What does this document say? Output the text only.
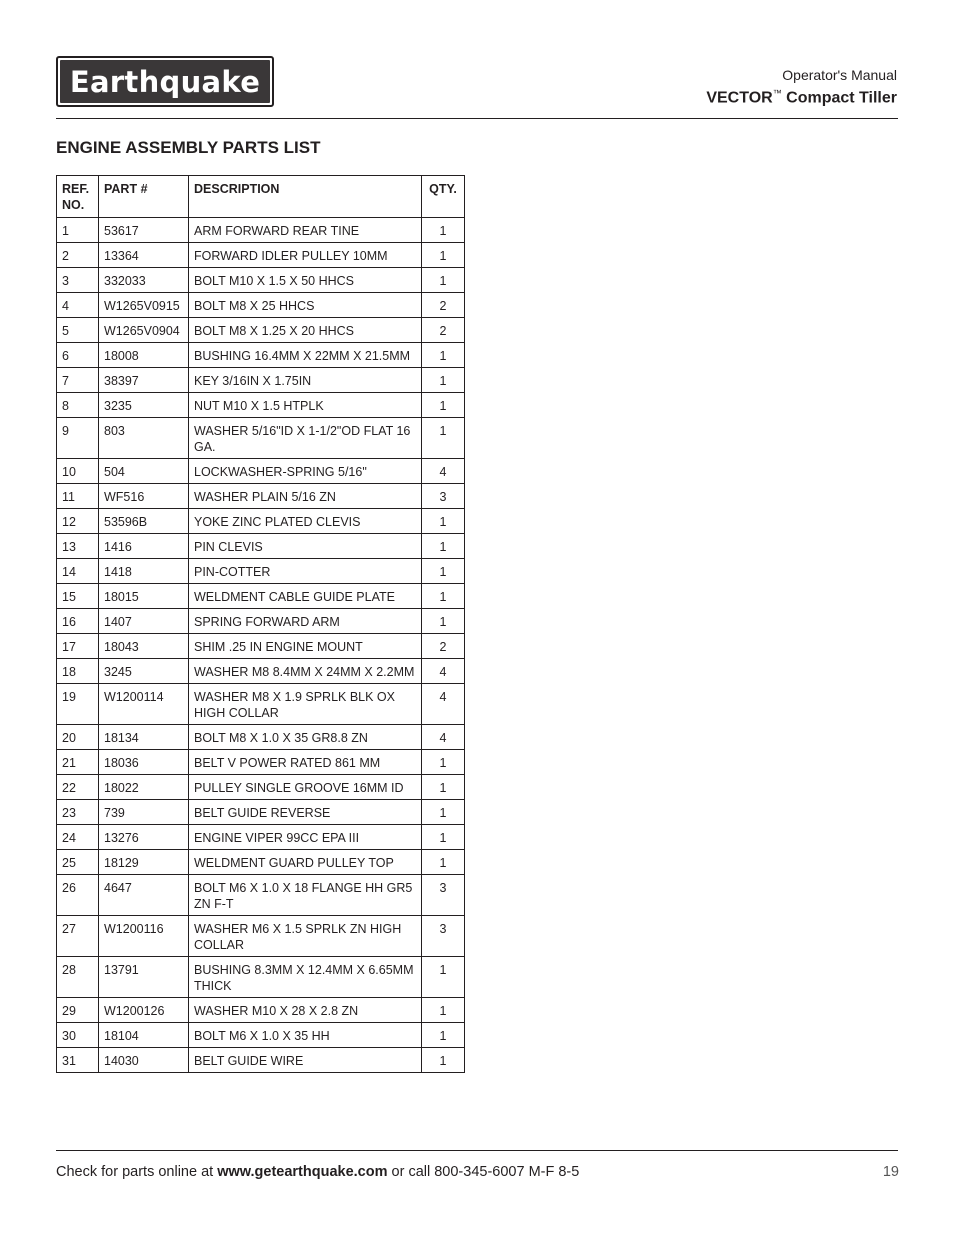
Earthquake	Operator's Manual
VECTOR™ Compact Tiller
ENGINE ASSEMBLY PARTS LIST
REF. NO.	PART #	DESCRIPTION	QTY.
1	53617	ARM FORWARD REAR TINE	1
2	13364	FORWARD IDLER PULLEY 10MM	1
3	332033	BOLT M10 X 1.5 X 50 HHCS	1
4	W1265V0915	BOLT M8 X 25 HHCS	2
5	W1265V0904	BOLT M8 X 1.25 X 20 HHCS	2
6	18008	BUSHING 16.4MM X 22MM X 21.5MM	1
7	38397	KEY 3/16IN X 1.75IN	1
8	3235	NUT M10 X 1.5 HTPLK	1
9	803	WASHER 5/16"ID X 1-1/2"OD FLAT 16 GA.	1
10	504	LOCKWASHER-SPRING 5/16"	4
11	WF516	WASHER PLAIN 5/16 ZN	3
12	53596B	YOKE ZINC PLATED CLEVIS	1
13	1416	PIN CLEVIS	1
14	1418	PIN-COTTER	1
15	18015	WELDMENT CABLE GUIDE PLATE	1
16	1407	SPRING FORWARD ARM	1
17	18043	SHIM .25 IN ENGINE MOUNT	2
18	3245	WASHER M8 8.4MM X 24MM X 2.2MM	4
19	W1200114	WASHER M8 X 1.9 SPRLK BLK OX HIGH COLLAR	4
20	18134	BOLT M8 X 1.0 X 35 GR8.8 ZN	4
21	18036	BELT V POWER RATED 861 MM	1
22	18022	PULLEY SINGLE GROOVE 16MM ID	1
23	739	BELT GUIDE REVERSE	1
24	13276	ENGINE VIPER 99CC EPA III	1
25	18129	WELDMENT GUARD PULLEY TOP	1
26	4647	BOLT M6 X 1.0 X 18 FLANGE HH GR5 ZN F-T	3
27	W1200116	WASHER M6 X 1.5 SPRLK ZN HIGH COLLAR	3
28	13791	BUSHING 8.3MM X 12.4MM X 6.65MM THICK	1
29	W1200126	WASHER M10 X 28 X 2.8 ZN	1
30	18104	BOLT M6 X 1.0 X 35 HH	1
31	14030	BELT GUIDE WIRE	1
Check for parts online at www.getearthquake.com or call 800-345-6007 M-F 8-5	19
